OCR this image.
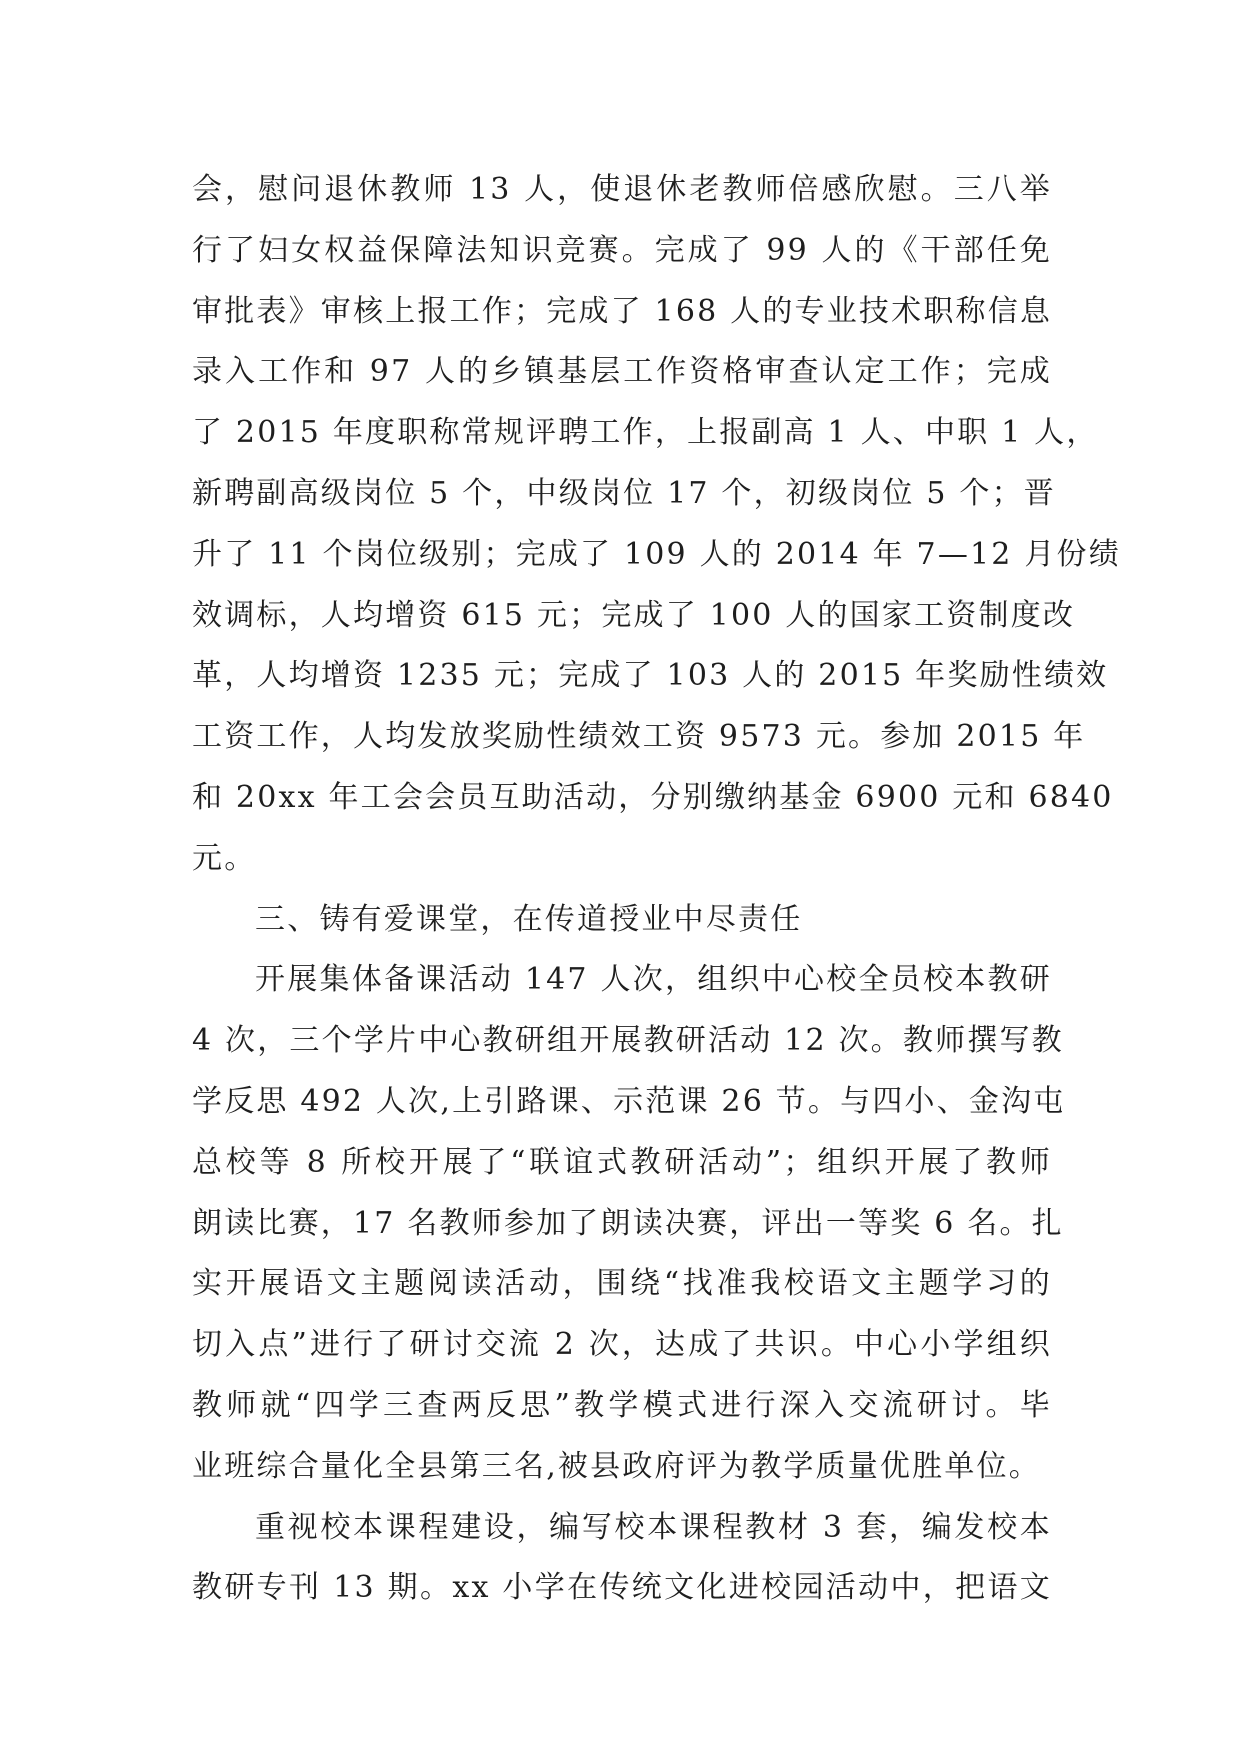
会，慰问退休教师 13 人，使退休老教师倍感欣慰。三八举
行了妇女权益保障法知识竞赛。完成了 99 人的《干部任免
审批表》审核上报工作；完成了 168 人的专业技术职称信息
录入工作和 97 人的乡镇基层工作资格审查认定工作；完成
了 2015 年度职称常规评聘工作，上报副高 1 人、中职 1 人，
新聘副高级岗位 5 个，中级岗位 17 个，初级岗位 5 个；晋
升了 11 个岗位级别；完成了 109 人的 2014 年 7—12 月份绩
效调标，人均增资 615 元；完成了 100 人的国家工资制度改
革，人均增资 1235 元；完成了 103 人的 2015 年奖励性绩效
工资工作，人均发放奖励性绩效工资 9573 元。参加 2015 年
和 20xx 年工会会员互助活动，分别缴纳基金 6900 元和 6840
元。
三、铸有爱课堂，在传道授业中尽责任
开展集体备课活动 147 人次，组织中心校全员校本教研
4 次，三个学片中心教研组开展教研活动 12 次。教师撰写教
学反思 492 人次,上引路课、示范课 26 节。与四小、金沟屯
总校等 8 所校开展了“联谊式教研活动”；组织开展了教师
朗读比赛，17 名教师参加了朗读决赛，评出一等奖 6 名。扎
实开展语文主题阅读活动，围绕“找准我校语文主题学习的
切入点”进行了研讨交流 2 次，达成了共识。中心小学组织
教师就“四学三查两反思”教学模式进行深入交流研讨。毕
业班综合量化全县第三名,被县政府评为教学质量优胜单位。
重视校本课程建设，编写校本课程教材 3 套，编发校本
教研专刊 13 期。xx 小学在传统文化进校园活动中，把语文
